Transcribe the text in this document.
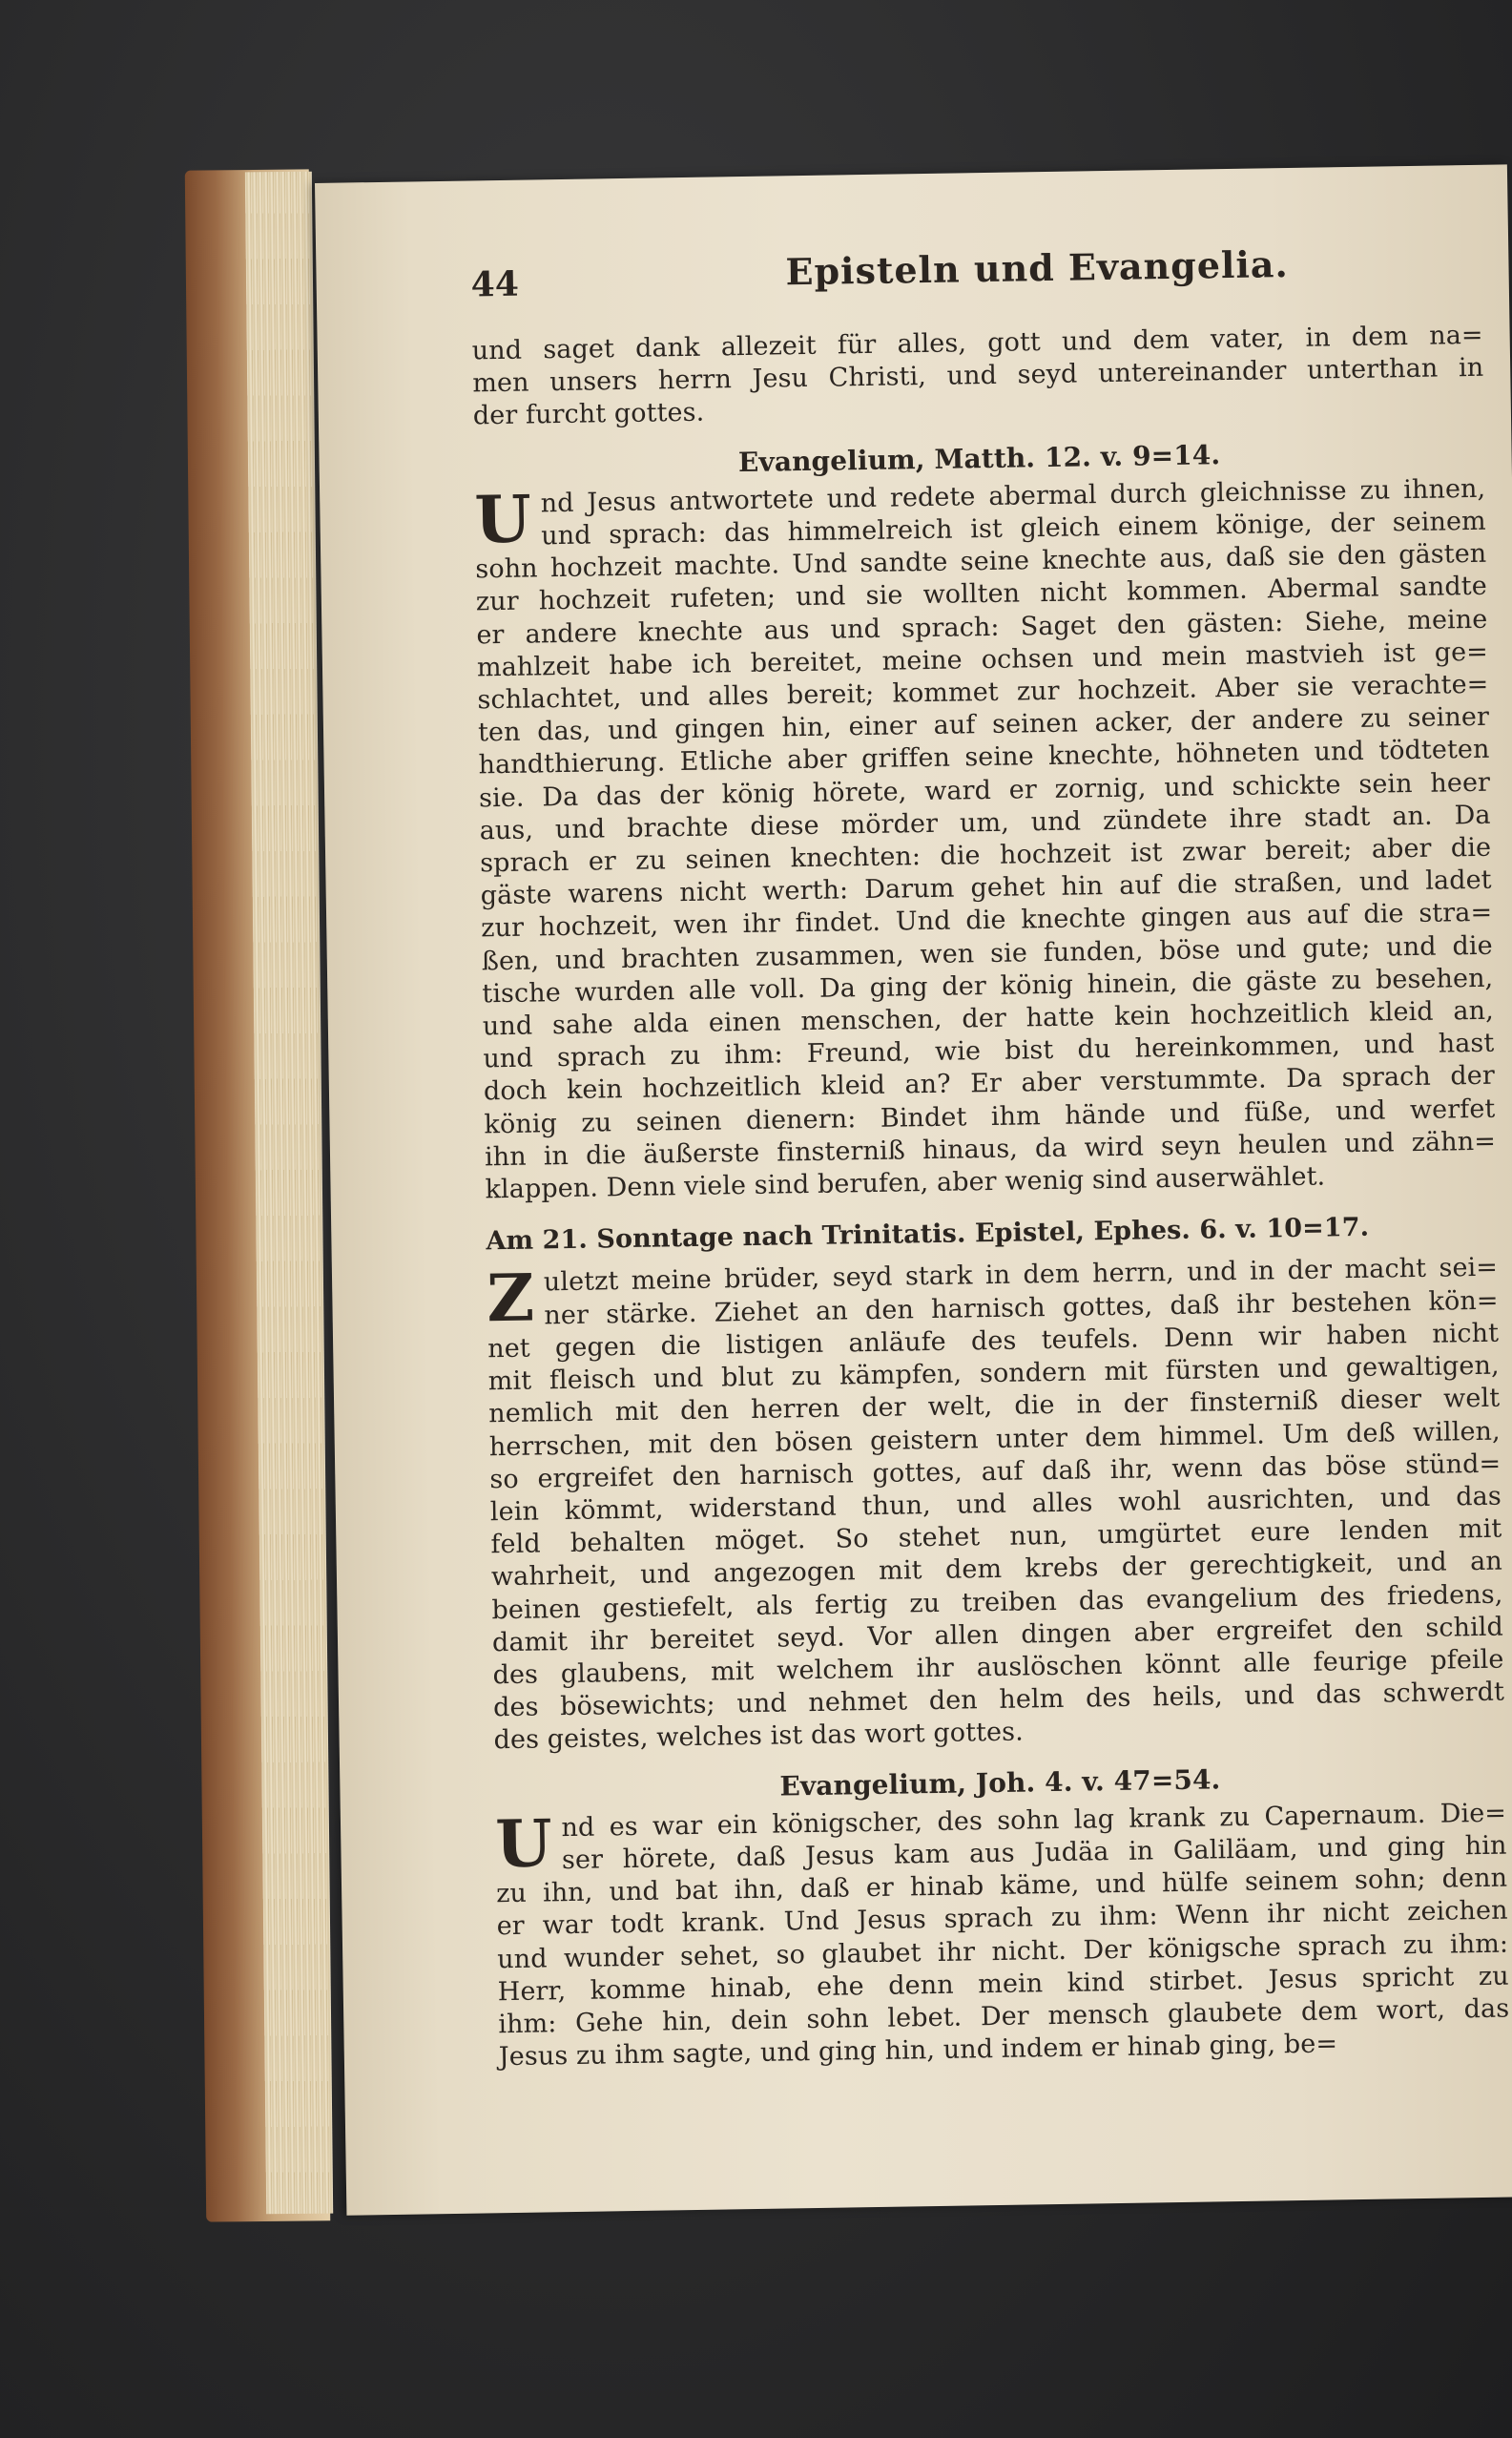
44	Episteln und Evangelia.
und saget dank allezeit für alles, gott und dem vater, in dem na=
men unsers herrn Jesu Christi, und seyd untereinander unterthan in
der furcht gottes.
Evangelium, Matth. 12. v. 9=14.
U nd Jesus antwortete und redete abermal durch gleichnisse zu ihnen,
und sprach: das himmelreich ist gleich einem könige, der seinem
sohn hochzeit machte. Und sandte seine knechte aus, daß sie den gästen
zur hochzeit rufeten; und sie wollten nicht kommen. Abermal sandte
er andere knechte aus und sprach: Saget den gästen: Siehe, meine
mahlzeit habe ich bereitet, meine ochsen und mein mastvieh ist ge=
schlachtet, und alles bereit; kommet zur hochzeit. Aber sie verachte=
ten das, und gingen hin, einer auf seinen acker, der andere zu seiner
handthierung. Etliche aber griffen seine knechte, höhneten und tödteten
sie. Da das der könig hörete, ward er zornig, und schickte sein heer
aus, und brachte diese mörder um, und zündete ihre stadt an. Da
sprach er zu seinen knechten: die hochzeit ist zwar bereit; aber die
gäste warens nicht werth: Darum gehet hin auf die straßen, und ladet
zur hochzeit, wen ihr findet. Und die knechte gingen aus auf die stra=
ßen, und brachten zusammen, wen sie funden, böse und gute; und die
tische wurden alle voll. Da ging der könig hinein, die gäste zu besehen,
und sahe alda einen menschen, der hatte kein hochzeitlich kleid an,
und sprach zu ihm: Freund, wie bist du hereinkommen, und hast
doch kein hochzeitlich kleid an? Er aber verstummte. Da sprach der
könig zu seinen dienern: Bindet ihm hände und füße, und werfet
ihn in die äußerste finsterniß hinaus, da wird seyn heulen und zähn=
klappen. Denn viele sind berufen, aber wenig sind auserwählet.
Am 21. Sonntage nach Trinitatis. Epistel, Ephes. 6. v. 10=17.
Z uletzt meine brüder, seyd stark in dem herrn, und in der macht sei=
ner stärke. Ziehet an den harnisch gottes, daß ihr bestehen kön=
net gegen die listigen anläufe des teufels. Denn wir haben nicht
mit fleisch und blut zu kämpfen, sondern mit fürsten und gewaltigen,
nemlich mit den herren der welt, die in der finsterniß dieser welt
herrschen, mit den bösen geistern unter dem himmel. Um deß willen,
so ergreifet den harnisch gottes, auf daß ihr, wenn das böse stünd=
lein kömmt, widerstand thun, und alles wohl ausrichten, und das
feld behalten möget. So stehet nun, umgürtet eure lenden mit
wahrheit, und angezogen mit dem krebs der gerechtigkeit, und an
beinen gestiefelt, als fertig zu treiben das evangelium des friedens,
damit ihr bereitet seyd. Vor allen dingen aber ergreifet den schild
des glaubens, mit welchem ihr auslöschen könnt alle feurige pfeile
des bösewichts; und nehmet den helm des heils, und das schwerdt
des geistes, welches ist das wort gottes.
Evangelium, Joh. 4. v. 47=54.
U nd es war ein königscher, des sohn lag krank zu Capernaum. Die=
ser hörete, daß Jesus kam aus Judäa in Galiläam, und ging hin
zu ihn, und bat ihn, daß er hinab käme, und hülfe seinem sohn; denn
er war todt krank. Und Jesus sprach zu ihm: Wenn ihr nicht zeichen
und wunder sehet, so glaubet ihr nicht. Der königsche sprach zu ihm:
Herr, komme hinab, ehe denn mein kind stirbet. Jesus spricht zu
ihm: Gehe hin, dein sohn lebet. Der mensch glaubete dem wort, das
Jesus zu ihm sagte, und ging hin, und indem er hinab ging, be=
